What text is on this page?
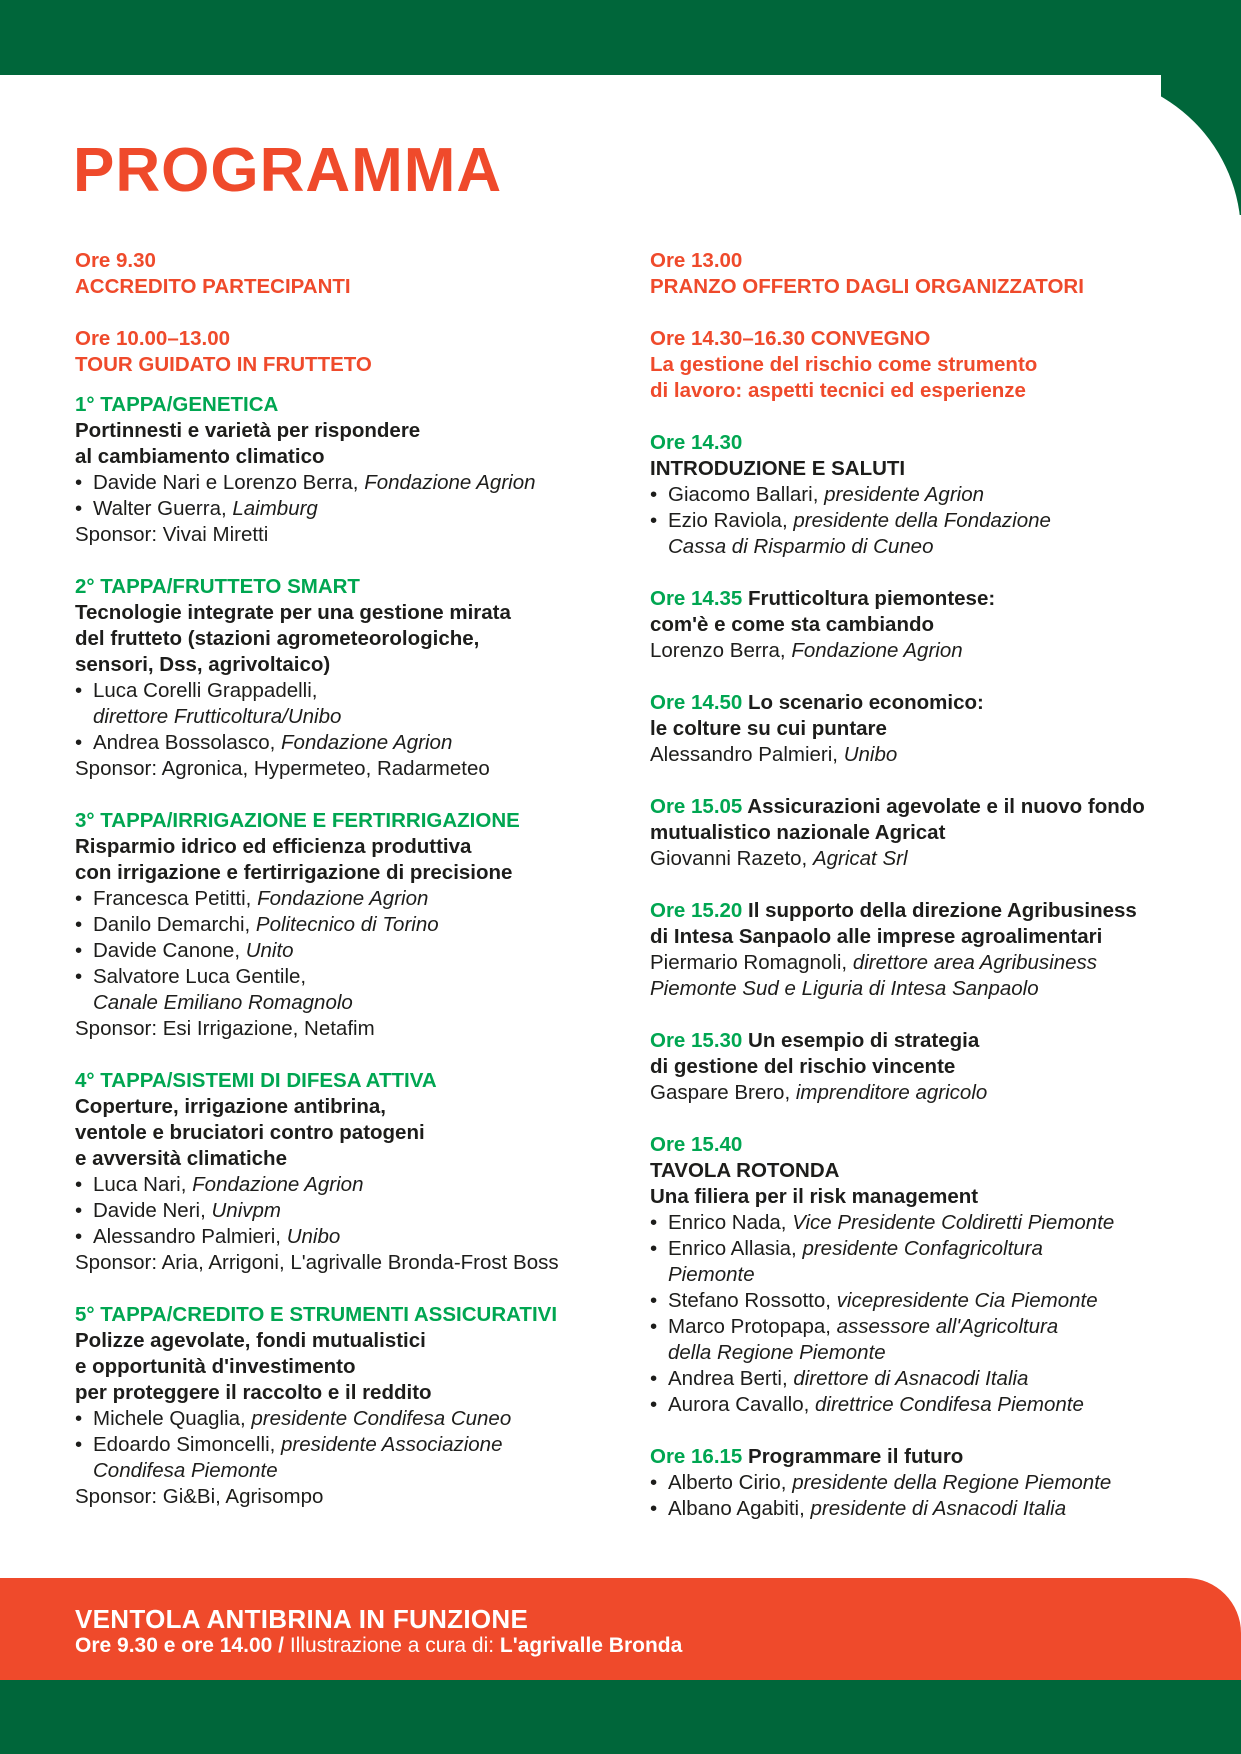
VENTOLA ANTIBRINA IN FUNZIONE
Ore 9.30 e ore 14.00 / Illustrazione a cura di: L'agrivalle Bronda
PROGRAMMA

Ore 9.30

ACCREDITO PARTECIPANTI

Ore 10.00–13.00

TOUR GUIDATO IN FRUTTETO

1° TAPPA/GENETICA

Portinnesti e varietà per rispondere

al cambiamento climatico

• Davide Nari e Lorenzo Berra, Fondazione Agrion
• Walter Guerra, Laimburg

Sponsor: Vivai Miretti

2° TAPPA/FRUTTETO SMART

Tecnologie integrate per una gestione mirata

del frutteto (stazioni agrometeorologiche,

sensori, Dss, agrivoltaico)

• Luca Corelli Grappadelli,
direttore Frutticoltura/Unibo
• Andrea Bossolasco, Fondazione Agrion

Sponsor: Agronica, Hypermeteo, Radarmeteo

3° TAPPA/IRRIGAZIONE E FERTIRRIGAZIONE

Risparmio idrico ed efficienza produttiva

con irrigazione e fertirrigazione di precisione

• Francesca Petitti, Fondazione Agrion
• Danilo Demarchi, Politecnico di Torino
• Davide Canone, Unito
• Salvatore Luca Gentile,
Canale Emiliano Romagnolo

Sponsor: Esi Irrigazione, Netafim

4° TAPPA/SISTEMI DI DIFESA ATTIVA

Coperture, irrigazione antibrina,

ventole e bruciatori contro patogeni

e avversità climatiche

• Luca Nari, Fondazione Agrion
• Davide Neri, Univpm
• Alessandro Palmieri, Unibo

Sponsor: Aria, Arrigoni, L'agrivalle Bronda-Frost Boss

5° TAPPA/CREDITO E STRUMENTI ASSICURATIVI

Polizze agevolate, fondi mutualistici

e opportunità d'investimento

per proteggere il raccolto e il reddito

• Michele Quaglia, presidente Condifesa Cuneo
• Edoardo Simoncelli, presidente Associazione
Condifesa Piemonte

Sponsor: Gi&Bi, Agrisompo

Ore 13.00

PRANZO OFFERTO DAGLI ORGANIZZATORI

Ore 14.30–16.30 CONVEGNO

La gestione del rischio come strumento

di lavoro: aspetti tecnici ed esperienze

Ore 14.30

INTRODUZIONE E SALUTI

• Giacomo Ballari, presidente Agrion
• Ezio Raviola, presidente della Fondazione
Cassa di Risparmio di Cuneo

Ore 14.35 Frutticoltura piemontese:

com'è e come sta cambiando

Lorenzo Berra, Fondazione Agrion

Ore 14.50 Lo scenario economico:

le colture su cui puntare

Alessandro Palmieri, Unibo

Ore 15.05 Assicurazioni agevolate e il nuovo fondo

mutualistico nazionale Agricat

Giovanni Razeto, Agricat Srl

Ore 15.20 Il supporto della direzione Agribusiness

di Intesa Sanpaolo alle imprese agroalimentari

Piermario Romagnoli, direttore area Agribusiness
Piemonte Sud e Liguria di Intesa Sanpaolo

Ore 15.30 Un esempio di strategia

di gestione del rischio vincente

Gaspare Brero, imprenditore agricolo

Ore 15.40

TAVOLA ROTONDA

Una filiera per il risk management

• Enrico Nada, Vice Presidente Coldiretti Piemonte
• Enrico Allasia, presidente Confagricoltura
Piemonte
• Stefano Rossotto, vicepresidente Cia Piemonte
• Marco Protopapa, assessore all'Agricoltura
della Regione Piemonte
• Andrea Berti, direttore di Asnacodi Italia
• Aurora Cavallo, direttrice Condifesa Piemonte

Ore 16.15 Programmare il futuro

• Alberto Cirio, presidente della Regione Piemonte
• Albano Agabiti, presidente di Asnacodi Italia
